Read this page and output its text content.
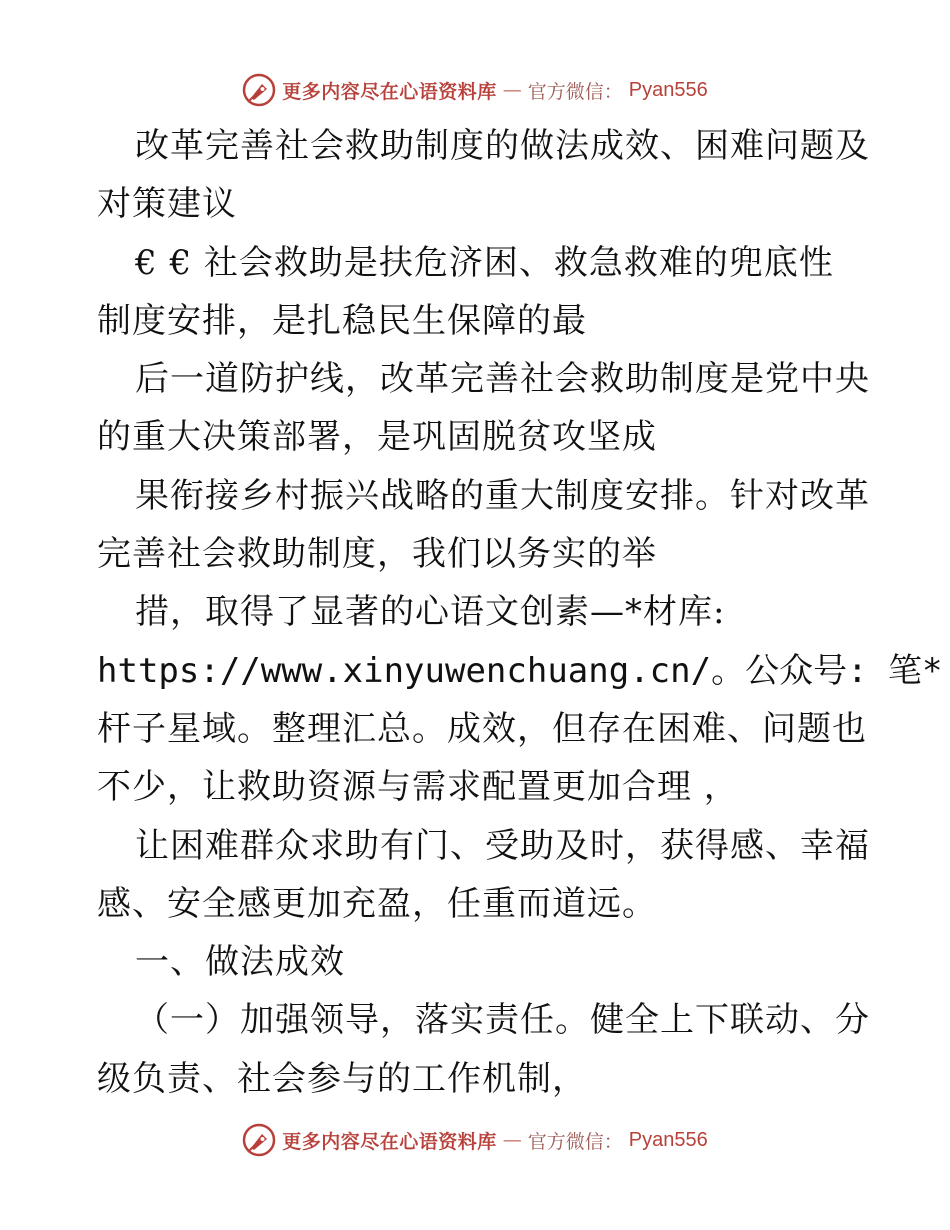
更多内容尽在心语资料库 — 官方微信： Pyan556
改革完善社会救助制度的做法成效、困难问题及
对策建议
€ € 社会救助是扶危济困、救急救难的兜底性
制度安排，是扎稳民生保障的最
后一道防护线，改革完善社会救助制度是党中央
的重大决策部署，是巩固脱贫攻坚成
果衔接乡村振兴战略的重大制度安排。针对改革
完善社会救助制度，我们以务实的举
措，取得了显著的心语文创素—*材库:
https://www.xinyuwenchuang.cn/。公众号: 笔*
杆子星域。整理汇总。成效，但存在困难、问题也
不少，让救助资源与需求配置更加合理 ，
让困难群众求助有门、受助及时，获得感、幸福
感、安全感更加充盈，任重而道远。
一、做法成效
（一）加强领导，落实责任。健全上下联动、分
级负责、社会参与的工作机制，
更多内容尽在心语资料库 — 官方微信： Pyan556
